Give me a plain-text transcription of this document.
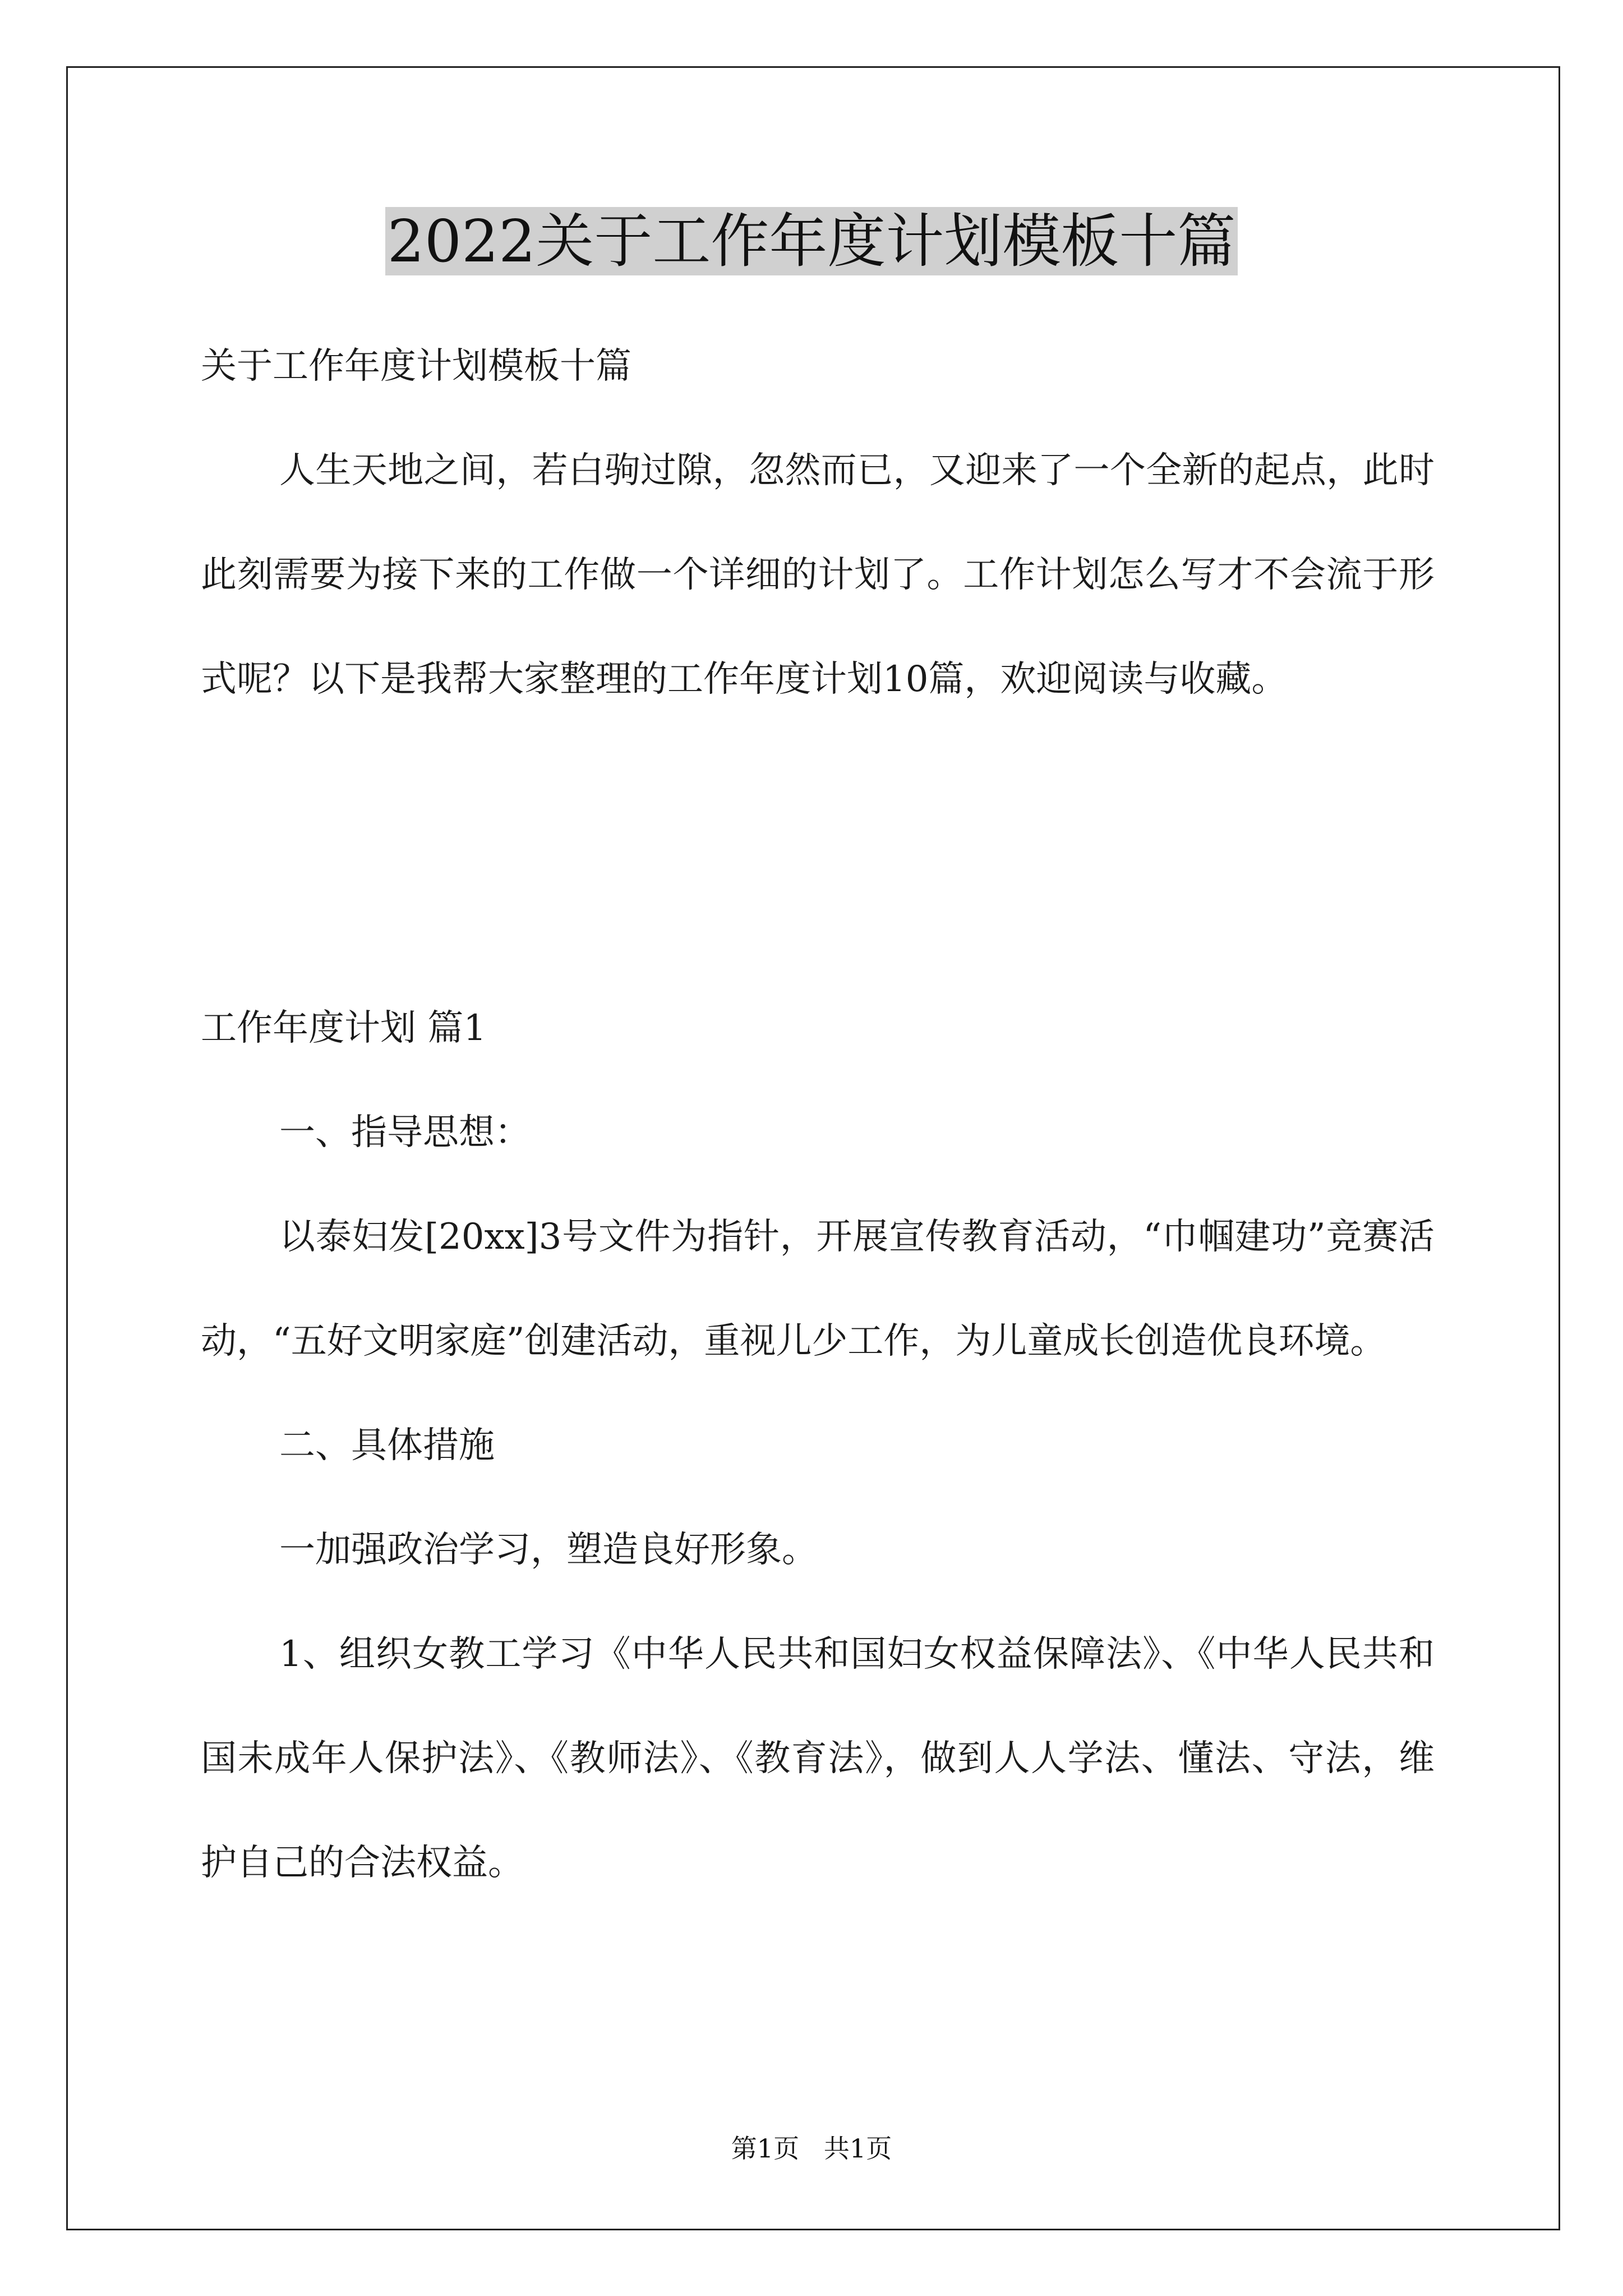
2022关于工作年度计划模板十篇

关于工作年度计划模板十篇

人生天地之间，若白驹过隙，忽然而已，又迎来了一个全新的起点，此时此刻需要为接下来的工作做一个详细的计划了。工作计划怎么写才不会流于形式呢？以下是我帮大家整理的工作年度计划10篇，欢迎阅读与收藏。

工作年度计划 篇1

一、指导思想：

以泰妇发[20xx]3号文件为指针，开展宣传教育活动，“巾帼建功”竞赛活动，“五好文明家庭”创建活动，重视儿少工作，为儿童成长创造优良环境。

二、具体措施

一加强政治学习，塑造良好形象。

1、组织女教工学习《中华人民共和国妇女权益保障法》、《中华人民共和国未成年人保护法》、《教师法》、《教育法》，做到人人学法、懂法、守法，维护自己的合法权益。

第1页   共1页
